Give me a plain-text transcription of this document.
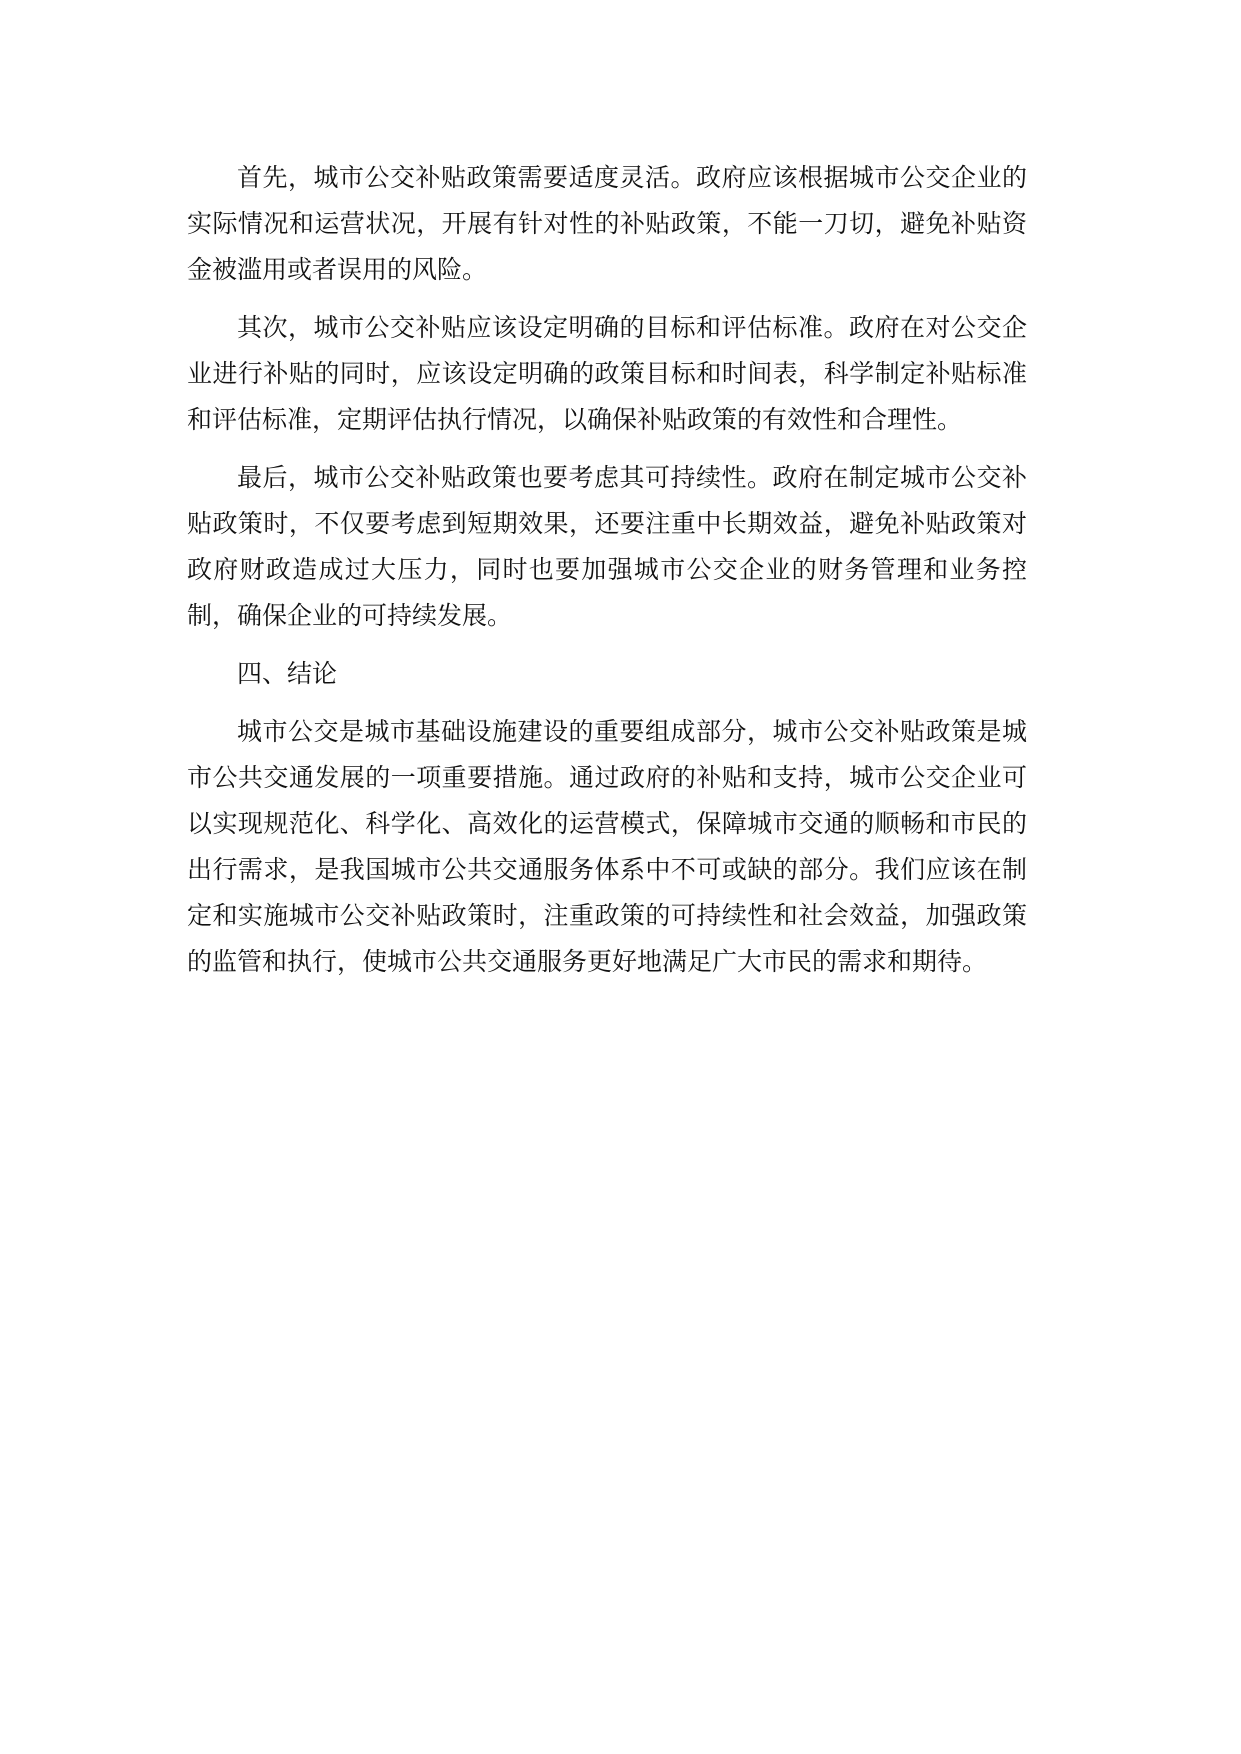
首先，城市公交补贴政策需要适度灵活。政府应该根据城市公交企业的实际情况和运营状况，开展有针对性的补贴政策，不能一刀切，避免补贴资金被滥用或者误用的风险。

其次，城市公交补贴应该设定明确的目标和评估标准。政府在对公交企业进行补贴的同时，应该设定明确的政策目标和时间表，科学制定补贴标准和评估标准，定期评估执行情况，以确保补贴政策的有效性和合理性。

最后，城市公交补贴政策也要考虑其可持续性。政府在制定城市公交补贴政策时，不仅要考虑到短期效果，还要注重中长期效益，避免补贴政策对政府财政造成过大压力，同时也要加强城市公交企业的财务管理和业务控制，确保企业的可持续发展。

四、结论

城市公交是城市基础设施建设的重要组成部分，城市公交补贴政策是城市公共交通发展的一项重要措施。通过政府的补贴和支持，城市公交企业可以实现规范化、科学化、高效化的运营模式，保障城市交通的顺畅和市民的出行需求，是我国城市公共交通服务体系中不可或缺的部分。我们应该在制定和实施城市公交补贴政策时，注重政策的可持续性和社会效益，加强政策的监管和执行，使城市公共交通服务更好地满足广大市民的需求和期待。
